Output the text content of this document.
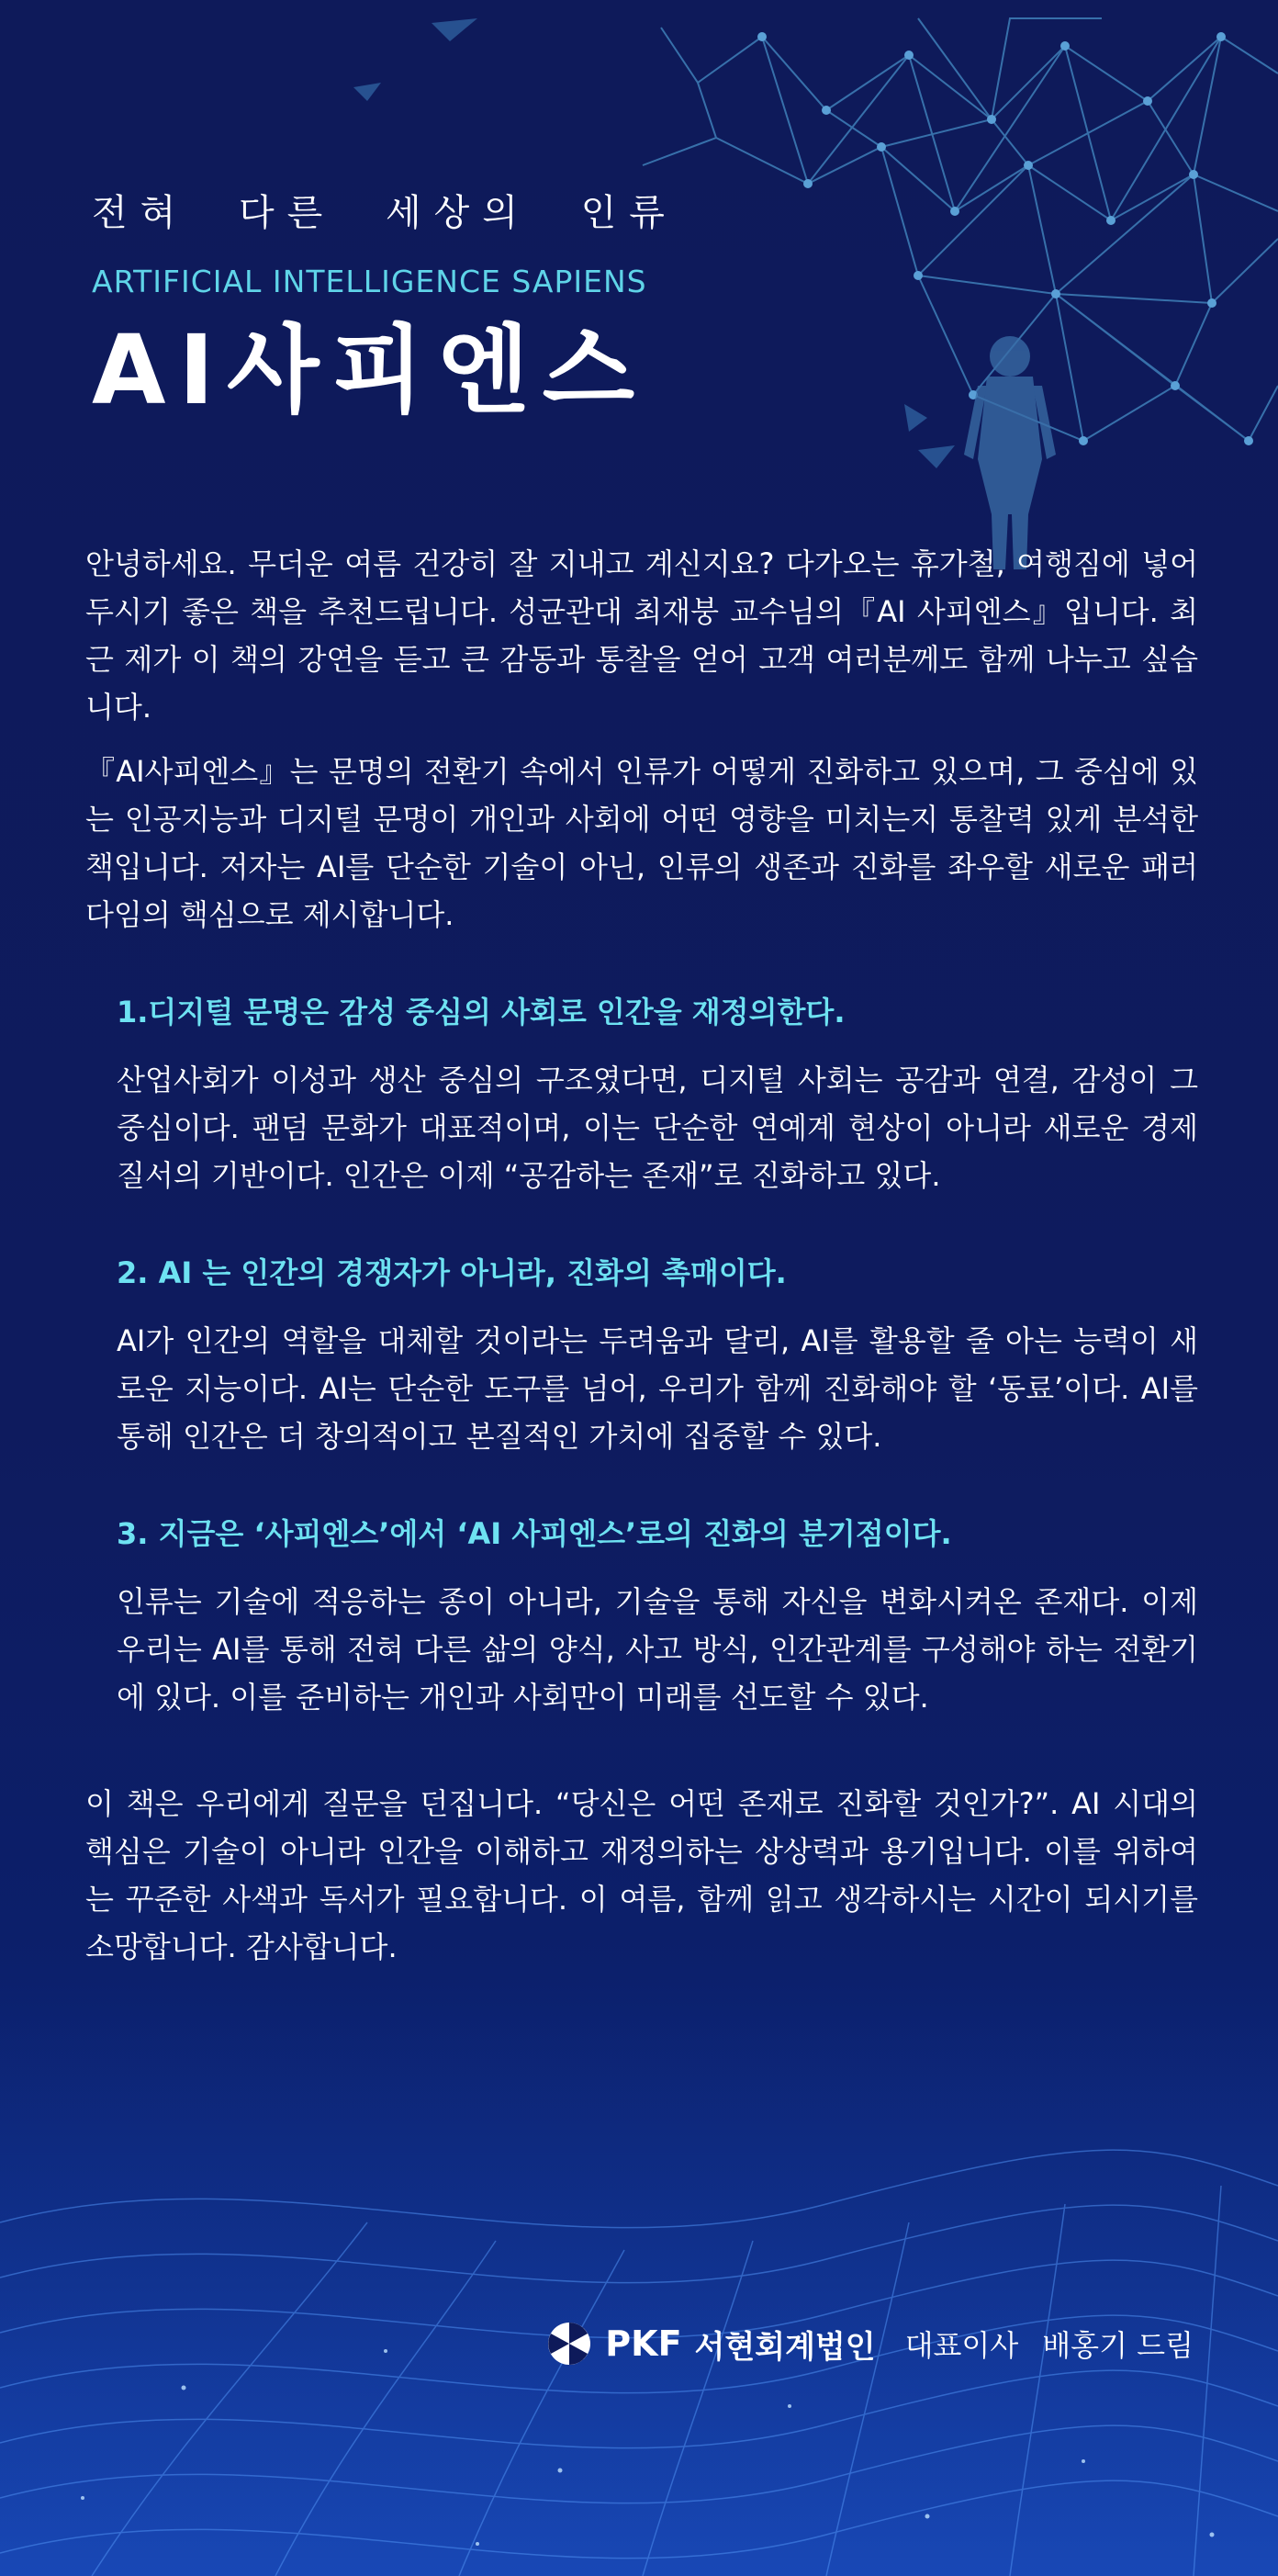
전혀 다른 세상의 인류
ARTIFICIAL INTELLIGENCE SAPIENS
AI사피엔스

안녕하세요. 무더운 여름 건강히 잘 지내고 계신지요? 다가오는 휴가철, 여행짐에 넣어두시기 좋은 책을 추천드립니다. 성균관대 최재붕 교수님의『AI 사피엔스』입니다. 최근 제가 이 책의 강연을 듣고 큰 감동과 통찰을 얻어 고객 여러분께도 함께 나누고 싶습니다.

『AI사피엔스』는 문명의 전환기 속에서 인류가 어떻게 진화하고 있으며, 그 중심에 있는 인공지능과 디지털 문명이 개인과 사회에 어떤 영향을 미치는지 통찰력 있게 분석한 책입니다. 저자는 AI를 단순한 기술이 아닌, 인류의 생존과 진화를 좌우할 새로운 패러다임의 핵심으로 제시합니다.

1.디지털 문명은 감성 중심의 사회로 인간을 재정의한다.

산업사회가 이성과 생산 중심의 구조였다면, 디지털 사회는 공감과 연결, 감성이 그 중심이다. 팬덤 문화가 대표적이며, 이는 단순한 연예계 현상이 아니라 새로운 경제 질서의 기반이다. 인간은 이제 “공감하는 존재”로 진화하고 있다.

2. AI 는 인간의 경쟁자가 아니라, 진화의 촉매이다.

AI가 인간의 역할을 대체할 것이라는 두려움과 달리, AI를 활용할 줄 아는 능력이 새로운 지능이다. AI는 단순한 도구를 넘어, 우리가 함께 진화해야 할 ‘동료’이다. AI를 통해 인간은 더 창의적이고 본질적인 가치에 집중할 수 있다.

3. 지금은 ‘사피엔스’에서 ‘AI 사피엔스’로의 진화의 분기점이다.

인류는 기술에 적응하는 종이 아니라, 기술을 통해 자신을 변화시켜온 존재다. 이제 우리는 AI를 통해 전혀 다른 삶의 양식, 사고 방식, 인간관계를 구성해야 하는 전환기에 있다. 이를 준비하는 개인과 사회만이 미래를 선도할 수 있다.

이 책은 우리에게 질문을 던집니다. “당신은 어떤 존재로 진화할 것인가?”. AI 시대의 핵심은 기술이 아니라 인간을 이해하고 재정의하는 상상력과 용기입니다. 이를 위하여는 꾸준한 사색과 독서가 필요합니다. 이 여름, 함께 읽고 생각하시는 시간이 되시기를 소망합니다. 감사합니다.

PKF 서현회계법인 대표이사 배홍기 드림
